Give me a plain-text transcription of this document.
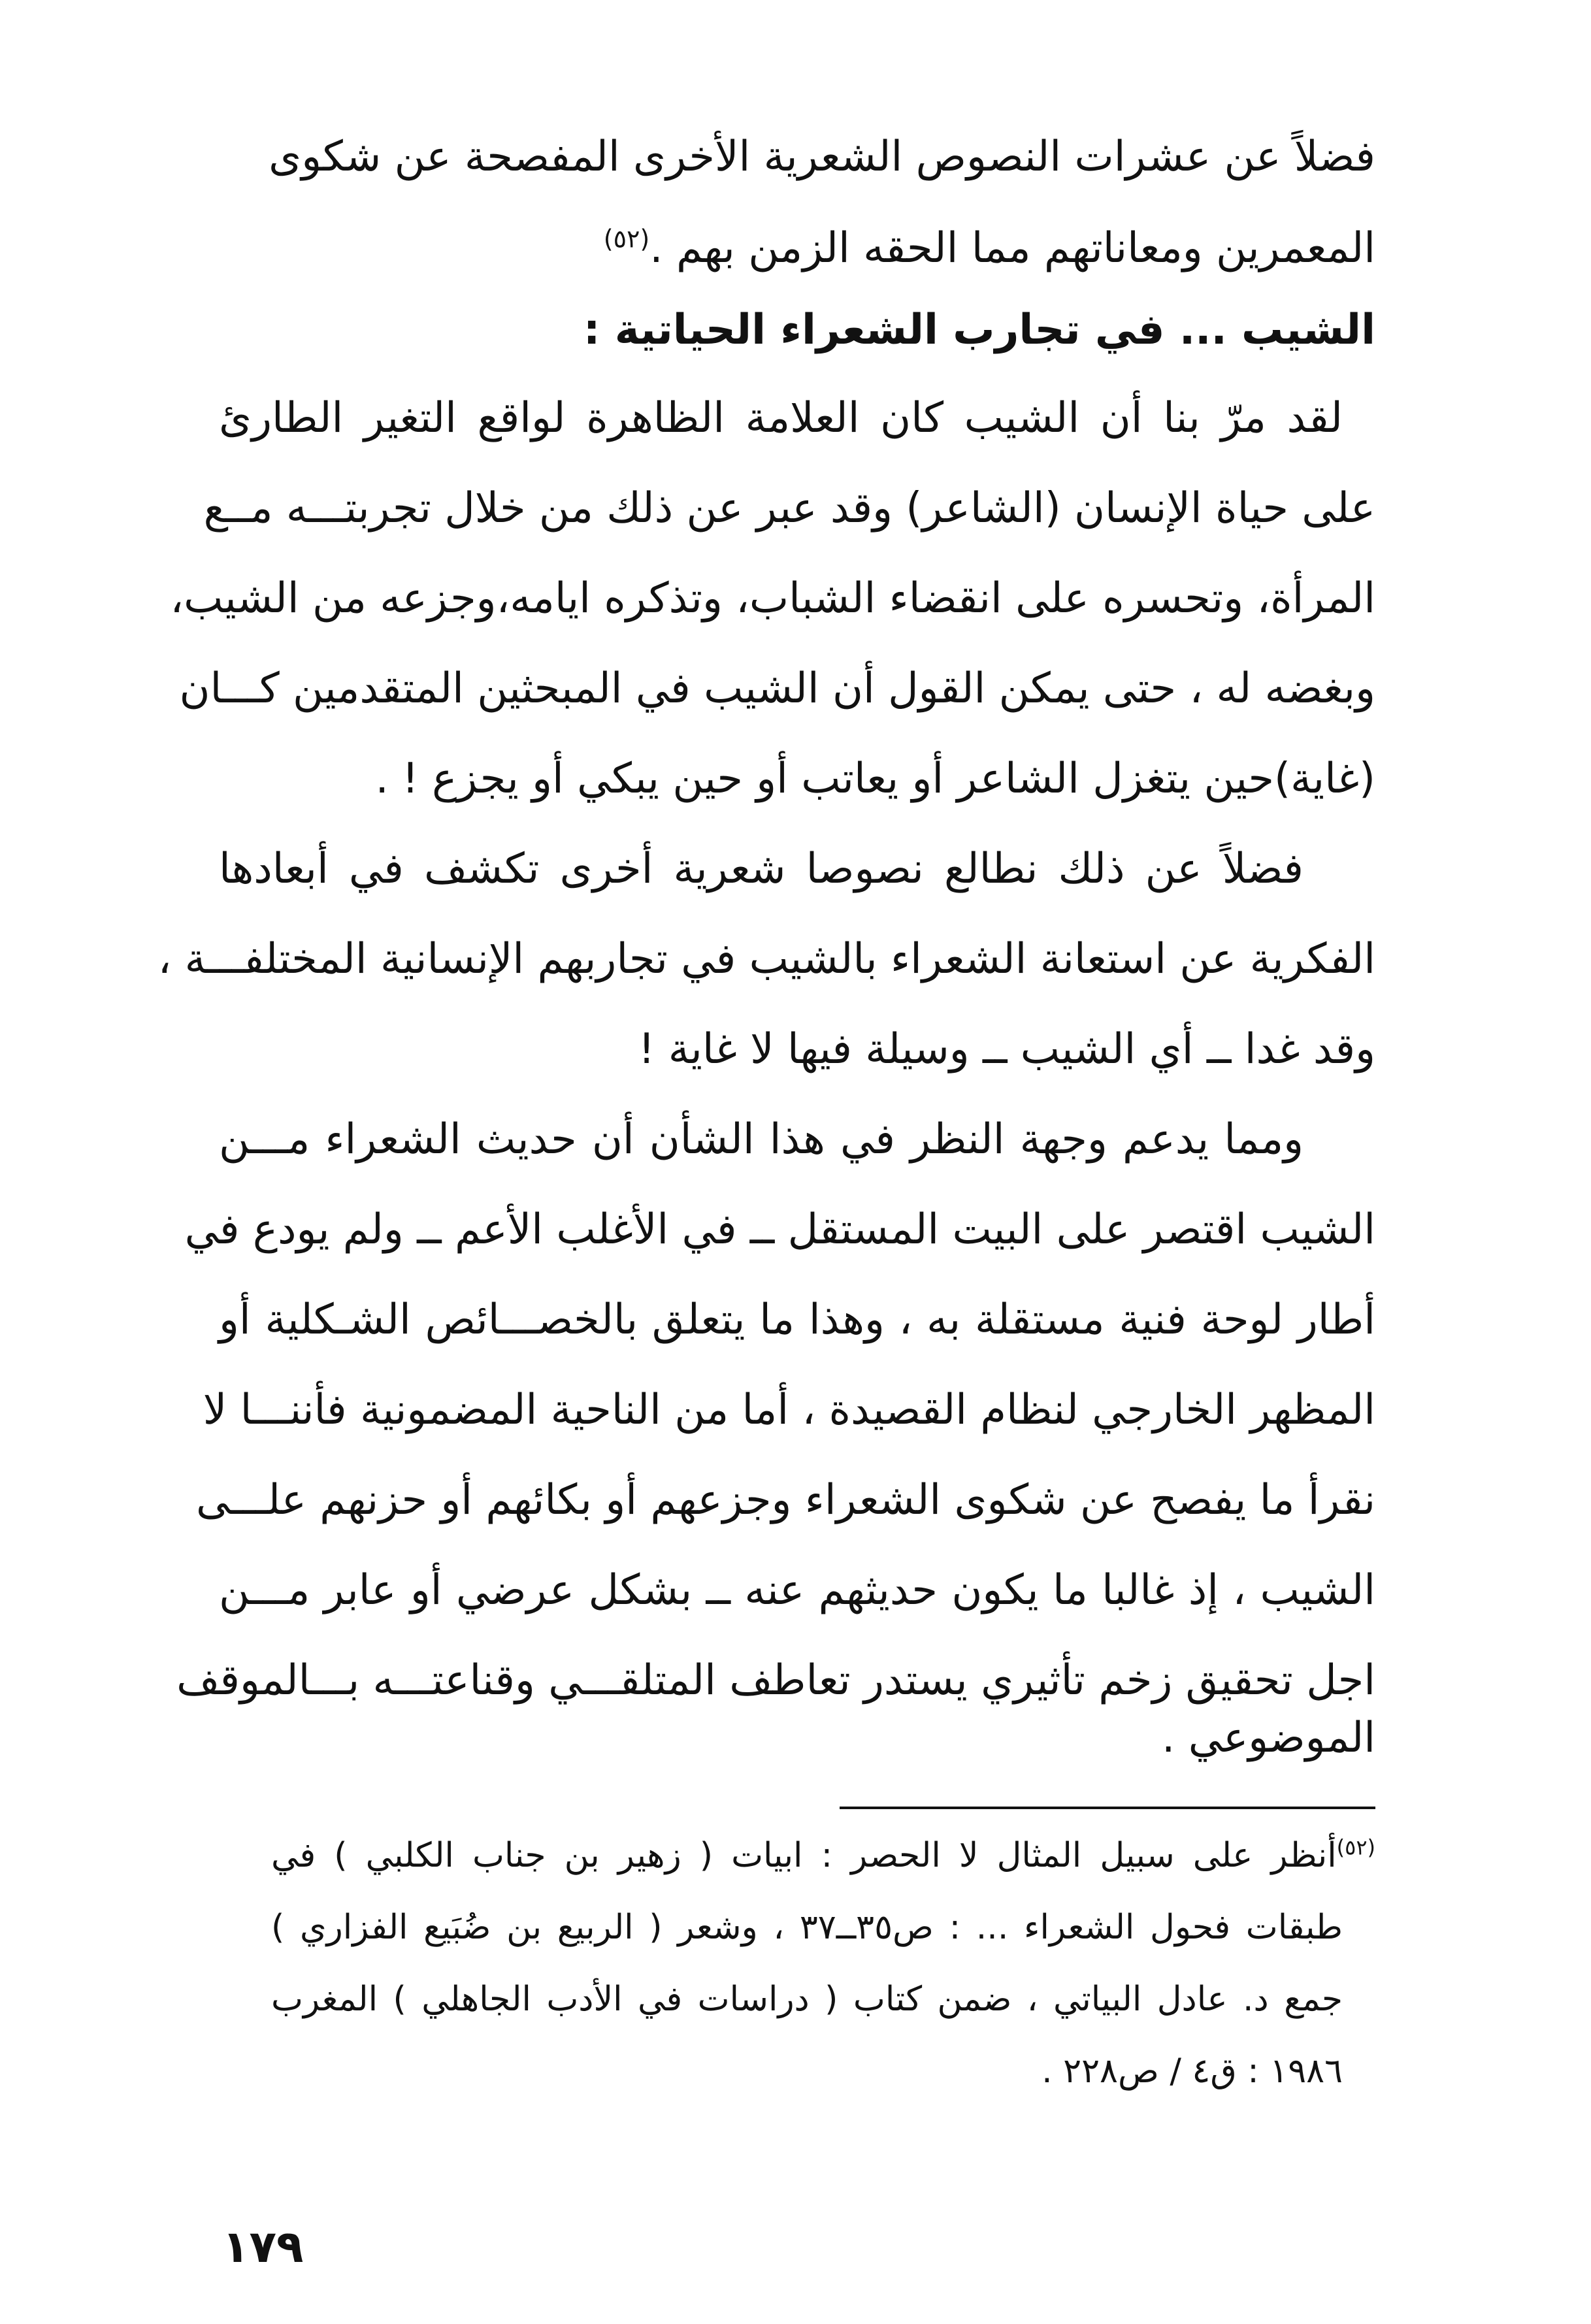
فضلاً عن عشرات النصوص الشعرية الأخرى المفصحة عن شكوى
المعمرين ومعاناتهم مما الحقه الزمن بهم .$^{(٥٢)}$
الشيب ... في تجارب الشعراء الحياتية :
لقد مرّ بنا أن الشيب كان العلامة الظاهرة لواقع التغير الطارئ
على حياة الإنسان (الشاعر) وقد عبر عن ذلك من خلال تجربتـــه مــع
المرأة، وتحسره على انقضاء الشباب، وتذكره ايامه،وجزعه من الشيب،
وبغضه له ، حتى يمكن القول أن الشيب في المبحثين المتقدمين كـــان
(غاية)حين يتغزل الشاعر أو يعاتب أو حين يبكي أو يجزع ! .
فضلاً عن ذلك نطالع نصوصا شعرية أخرى تكشف في أبعادها
الفكرية عن استعانة الشعراء بالشيب في تجاربهم الإنسانية المختلفـــة ،
وقد غدا ــ أي الشيب ــ وسيلة فيها لا غاية !
ومما يدعم وجهة النظر في هذا الشأن أن حديث الشعراء مـــن
الشيب اقتصر على البيت المستقل ــ في الأغلب الأعم ــ ولم يودع في
أطار لوحة فنية مستقلة به ، وهذا ما يتعلق بالخصـــائص الشـكلية أو
المظهر الخارجي لنظام القصيدة ، أما من الناحية المضمونية فأننـــا لا
نقرأ ما يفصح عن شكوى الشعراء وجزعهم أو بكائهم أو حزنهم علـــى
الشيب ، إذ غالبا ما يكون حديثهم عنه ــ بشكل عرضي أو عابر مـــن
اجل تحقيق زخم تأثيري يستدر تعاطف المتلقـــي وقناعتـــه بـــالموقف
الموضوعي .
$^{(٥٢)}$أنظر على سبيل المثال لا الحصر : ابيات ( زهير بن جناب الكلبي ) في
طبقات فحول الشعراء ... : ص٣٥ــ٣٧ ، وشعر ( الربيع بن ضُبَيع الفزاري )
جمع د. عادل البياتي ، ضمن كتاب ( دراسات في الأدب الجاهلي ) المغرب
١٩٨٦ : ق٤ / ص٢٢٨ .
١٧٩
